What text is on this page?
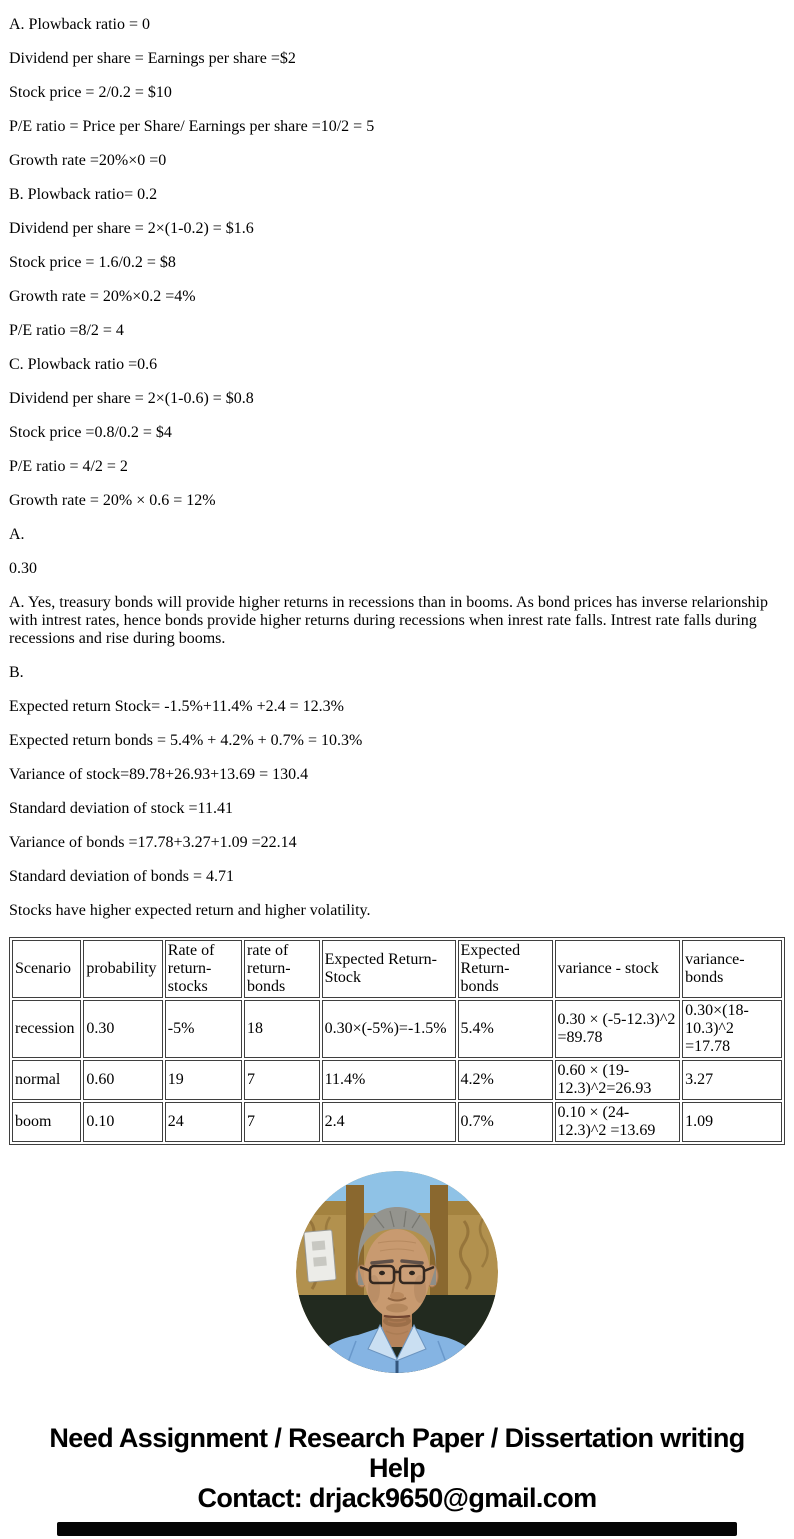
A. Plowback ratio = 0

Dividend per share = Earnings per share =$2

Stock price = 2/0.2 = $10

P/E ratio = Price per Share/ Earnings per share =10/2 = 5

Growth rate =20%×0 =0

B. Plowback ratio= 0.2

Dividend per share = 2×(1-0.2) = $1.6

Stock price = 1.6/0.2 = $8

Growth rate = 20%×0.2 =4%

P/E ratio =8/2 = 4

C. Plowback ratio =0.6

Dividend per share = 2×(1-0.6) = $0.8

Stock price =0.8/0.2 = $4

P/E ratio = 4/2 = 2

Growth rate = 20% × 0.6 = 12%

A.

0.30

A. Yes, treasury bonds will provide higher returns in recessions than in booms. As bond prices has inverse relarionship with intrest rates, hence bonds provide higher returns during recessions when inrest rate falls. Intrest rate falls during recessions and rise during booms.

B.

Expected return Stock= -1.5%+11.4% +2.4 = 12.3%

Expected return bonds = 5.4% + 4.2% + 0.7% = 10.3%

Variance of stock=89.78+26.93+13.69 = 130.4

Standard deviation of stock =11.41

Variance of bonds =17.78+3.27+1.09 =22.14

Standard deviation of bonds = 4.71

Stocks have higher expected return and higher volatility.

Scenario	probability	Rate of return-stocks	rate of return-bonds	Expected Return-Stock	Expected Return- bonds	variance - stock	variance- bonds
recession	0.30	-5%	18	0.30×(-5%)=-1.5%	5.4%	0.30 × (-5-12.3)^2 =89.78	0.30×(18-10.3)^2 =17.78
normal	0.60	19	7	11.4%	4.2%	0.60 × (19-12.3)^2=26.93	3.27
boom	0.10	24	7	2.4	0.7%	0.10 × (24- 12.3)^2 =13.69	1.09

Need Assignment / Research Paper / Dissertation writing Help

Contact: drjack9650@gmail.com
